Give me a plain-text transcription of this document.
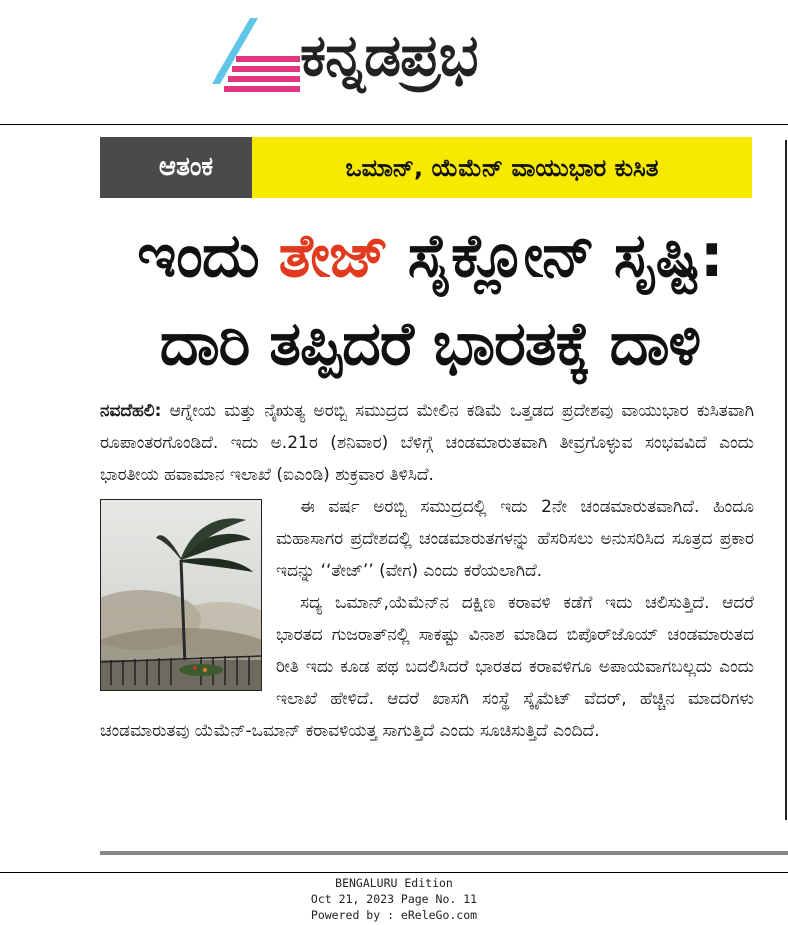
ಕನ್ನಡಪ್ರಭ
ಆತಂಕ	ಒಮಾನ್, ಯೆಮೆನ್ ವಾಯುಭಾರ ಕುಸಿತ
ಇಂದು ತೇಜ್ ಸೈಕ್ಲೋನ್ ಸೃಷ್ಟಿ:
ದಾರಿ ತಪ್ಪಿದರೆ ಭಾರತಕ್ಕೆ ದಾಳಿ

ನವದೆಹಲಿ: ಆಗ್ನೇಯ ಮತ್ತು ನೈಋತ್ಯ ಅರಬ್ಬಿ ಸಮುದ್ರದ ಮೇಲಿನ ಕಡಿಮೆ ಒತ್ತಡದ ಪ್ರದೇಶವು ವಾಯುಭಾರ ಕುಸಿತವಾಗಿ ರೂಪಾಂತರಗೊಂಡಿದೆ. ಇದು ಅ.21ರ (ಶನಿವಾರ) ಬೆಳಿಗ್ಗೆ ಚಂಡಮಾರುತವಾಗಿ ತೀವ್ರಗೊಳ್ಳುವ ಸಂಭವವಿದೆ ಎಂದು ಭಾರತೀಯ ಹವಾಮಾನ ಇಲಾಖೆ (ಐಎಂಡಿ) ಶುಕ್ರವಾರ ತಿಳಿಸಿದೆ.

ಈ ವರ್ಷ ಅರಬ್ಬಿ ಸಮುದ್ರದಲ್ಲಿ ಇದು 2ನೇ ಚಂಡಮಾರುತವಾಗಿದೆ. ಹಿಂದೂ ಮಹಾಸಾಗರ ಪ್ರದೇಶದಲ್ಲಿ ಚಂಡಮಾರುತಗಳನ್ನು ಹೆಸರಿಸಲು ಅನುಸರಿಸಿದ ಸೂತ್ರದ ಪ್ರಕಾರ ಇದನ್ನು ‘‘ತೇಜ್’’ (ವೇಗ) ಎಂದು ಕರೆಯಲಾಗಿದೆ.

ಸದ್ಯ ಒಮಾನ್,ಯೆಮೆನ್‌ನ ದಕ್ಷಿಣ ಕರಾವಳಿ ಕಡೆಗೆ ಇದು ಚಲಿಸುತ್ತಿದೆ. ಆದರೆ ಭಾರತದ ಗುಜರಾತ್‌ನಲ್ಲಿ ಸಾಕಷ್ಟು ವಿನಾಶ ಮಾಡಿದ ಬಿಪೊರ್‌ಜೊಯ್ ಚಂಡಮಾರುತದ ರೀತಿ ಇದು ಕೂಡ ಪಥ ಬದಲಿಸಿದರೆ ಭಾರತದ ಕರಾವಳಿಗೂ ಅಪಾಯವಾಗಬಲ್ಲದು ಎಂದು ಇಲಾಖೆ ಹೇಳಿದೆ. ಆದರೆ ಖಾಸಗಿ ಸಂಸ್ಥೆ ಸ್ಕೈಮೆಟ್ ವೆದರ್, ಹೆಚ್ಚಿನ ಮಾದರಿಗಳು ಚಂಡಮಾರುತವು ಯೆಮೆನ್-ಒಮಾನ್ ಕರಾವಳಿಯತ್ತ ಸಾಗುತ್ತಿದೆ ಎಂದು ಸೂಚಿಸುತ್ತಿದೆ ಎಂದಿದೆ.

BENGALURU Edition
Oct 21, 2023 Page No. 11
Powered by : eReleGo.com
